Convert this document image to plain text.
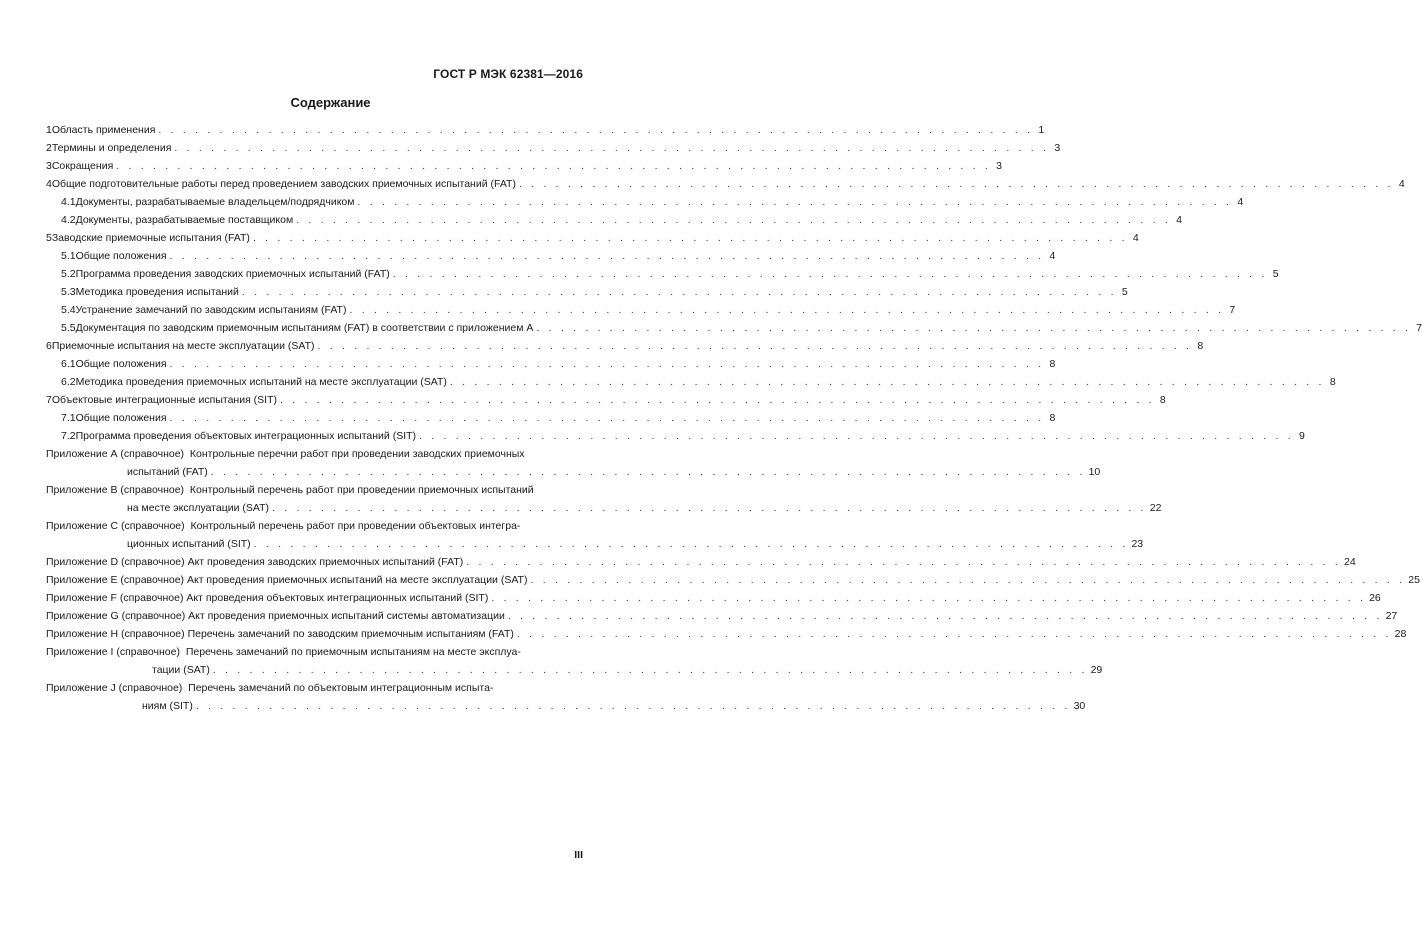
ГОСТ Р МЭК 62381—2016
Содержание
1 Область применения . . . . . . . . . . . . . . . . . . . . . . . . . . . . . . . . . . . . . . . . . . . . . . . . . . . . . . . . . . . . . . . . . . . . . . . . 1
2 Термины и определения . . . . . . . . . . . . . . . . . . . . . . . . . . . . . . . . . . . . . . . . . . . . . . . . . . . . . . . . . . . . . . . . . . . . . . . . 3
3 Сокращения . . . . . . . . . . . . . . . . . . . . . . . . . . . . . . . . . . . . . . . . . . . . . . . . . . . . . . . . . . . . . . . . . . . . . . . . 3
4 Общие подготовительные работы перед проведением заводских приемочных испытаний (FAT) . . . . . . . . . . . . . . . . . . . . . . . . . . . . . . . . . . . . . . . . . . . . . . . . . . . . . . . . . . . . . . . . . . . . . . . . 4
4.1 Документы, разрабатываемые владельцем/подрядчиком . . . . . . . . . . . . . . . . . . . . . . . . . . . . . . . . . . . . . . . . . . . . . . . . . . . . . . . . . . . . . . . . . . . . . . . . 4
4.2 Документы, разрабатываемые поставщиком . . . . . . . . . . . . . . . . . . . . . . . . . . . . . . . . . . . . . . . . . . . . . . . . . . . . . . . . . . . . . . . . . . . . . . . . 4
5 Заводские приемочные испытания (FAT) . . . . . . . . . . . . . . . . . . . . . . . . . . . . . . . . . . . . . . . . . . . . . . . . . . . . . . . . . . . . . . . . . . . . . . . . 4
5.1 Общие положения . . . . . . . . . . . . . . . . . . . . . . . . . . . . . . . . . . . . . . . . . . . . . . . . . . . . . . . . . . . . . . . . . . . . . . . . 4
5.2 Программа проведения заводских приемочных испытаний (FAT) . . . . . . . . . . . . . . . . . . . . . . . . . . . . . . . . . . . . . . . . . . . . . . . . . . . . . . . . . . . . . . . . . . . . . . . . 5
5.3 Методика проведения испытаний . . . . . . . . . . . . . . . . . . . . . . . . . . . . . . . . . . . . . . . . . . . . . . . . . . . . . . . . . . . . . . . . . . . . . . . . 5
5.4 Устранение замечаний по заводским испытаниям (FAT) . . . . . . . . . . . . . . . . . . . . . . . . . . . . . . . . . . . . . . . . . . . . . . . . . . . . . . . . . . . . . . . . . . . . . . . . 7
5.5 Документация по заводским приемочным испытаниям (FAT) в соответствии с приложением А . . . . . . . . . . . . . . . . . . . . . . . . . . . . . . . . . . . . . . . . . . . . . . . . . . . . . . . . . . . . . . . . . . . . . . . . 7
6 Приемочные испытания на месте эксплуатации (SAT) . . . . . . . . . . . . . . . . . . . . . . . . . . . . . . . . . . . . . . . . . . . . . . . . . . . . . . . . . . . . . . . . . . . . . . . . 8
6.1 Общие положения . . . . . . . . . . . . . . . . . . . . . . . . . . . . . . . . . . . . . . . . . . . . . . . . . . . . . . . . . . . . . . . . . . . . . . . . 8
6.2 Методика проведения приемочных испытаний на месте эксплуатации (SAT) . . . . . . . . . . . . . . . . . . . . . . . . . . . . . . . . . . . . . . . . . . . . . . . . . . . . . . . . . . . . . . . . . . . . . . . . 8
7 Объектовые интеграционные испытания (SIT) . . . . . . . . . . . . . . . . . . . . . . . . . . . . . . . . . . . . . . . . . . . . . . . . . . . . . . . . . . . . . . . . . . . . . . . . 8
7.1 Общие положения . . . . . . . . . . . . . . . . . . . . . . . . . . . . . . . . . . . . . . . . . . . . . . . . . . . . . . . . . . . . . . . . . . . . . . . . 8
7.2 Программа проведения объектовых интеграционных испытаний (SIT) . . . . . . . . . . . . . . . . . . . . . . . . . . . . . . . . . . . . . . . . . . . . . . . . . . . . . . . . . . . . . . . . . . . . . . . . 9
Приложение А (справочное) Контрольные перечни работ при проведении заводских приемочных
испытаний (FAT) . . . . . . . . . . . . . . . . . . . . . . . . . . . . . . . . . . . . . . . . . . . . . . . . . . . . . . . . . . . . . . . . . . . . . . . . 10
Приложение В (справочное) Контрольный перечень работ при проведении приемочных испытаний
на месте эксплуатации (SAT) . . . . . . . . . . . . . . . . . . . . . . . . . . . . . . . . . . . . . . . . . . . . . . . . . . . . . . . . . . . . . . . . . . . . . . . . 22
Приложение С (справочное) Контрольный перечень работ при проведении объектовых интегра-
ционных испытаний (SIT) . . . . . . . . . . . . . . . . . . . . . . . . . . . . . . . . . . . . . . . . . . . . . . . . . . . . . . . . . . . . . . . . . . . . . . . . 23
Приложение D (справочное)
Акт проведения заводских приемочных испытаний (FAT) . . . . . . . . . . . . . . . . . . . . . . . . . . . . . . . . . . . . . . . . . . . . . . . . . . . . . . . . . . . . . . . . . . . . . . . . 24
Приложение Е (справочное)
Акт проведения приемочных испытаний на месте эксплуатации (SAT) . . . . . . . . . . . . . . . . . . . . . . . . . . . . . . . . . . . . . . . . . . . . . . . . . . . . . . . . . . . . . . . . . . . . . . . . 25
Приложение F (справочное)
Акт проведения объектовых интеграционных испытаний (SIT) . . . . . . . . . . . . . . . . . . . . . . . . . . . . . . . . . . . . . . . . . . . . . . . . . . . . . . . . . . . . . . . . . . . . . . . . 26
Приложение G (справочное)
Акт проведения приемочных испытаний системы автоматизации . . . . . . . . . . . . . . . . . . . . . . . . . . . . . . . . . . . . . . . . . . . . . . . . . . . . . . . . . . . . . . . . . . . . . . . . 27
Приложение Н (справочное)
Перечень замечаний по заводским приемочным испытаниям (FAT) . . . . . . . . . . . . . . . . . . . . . . . . . . . . . . . . . . . . . . . . . . . . . . . . . . . . . . . . . . . . . . . . . . . . . . . . 28
Приложение I (справочное) Перечень замечаний по приемочным испытаниям на месте эксплуа-
тации (SAT) . . . . . . . . . . . . . . . . . . . . . . . . . . . . . . . . . . . . . . . . . . . . . . . . . . . . . . . . . . . . . . . . . . . . . . . . 29
Приложение J (справочное) Перечень замечаний по объектовым интеграционным испыта-
ниям (SIT) . . . . . . . . . . . . . . . . . . . . . . . . . . . . . . . . . . . . . . . . . . . . . . . . . . . . . . . . . . . . . . . . . . . . . . . . 30
III
